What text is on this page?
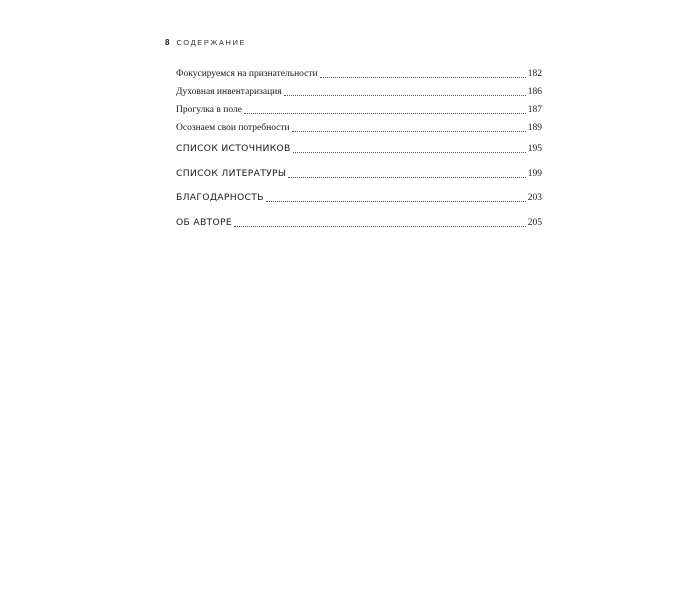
8 СОДЕРЖАНИЕ
Фокусируемся на признательности	182
Духовная инвентаризация	186
Прогулка в поле	187
Осознаем свои потребности	189
СПИСОК ИСТОЧНИКОВ	195
СПИСОК ЛИТЕРАТУРЫ	199
БЛАГОДАРНОСТЬ	203
ОБ АВТОРЕ	205
